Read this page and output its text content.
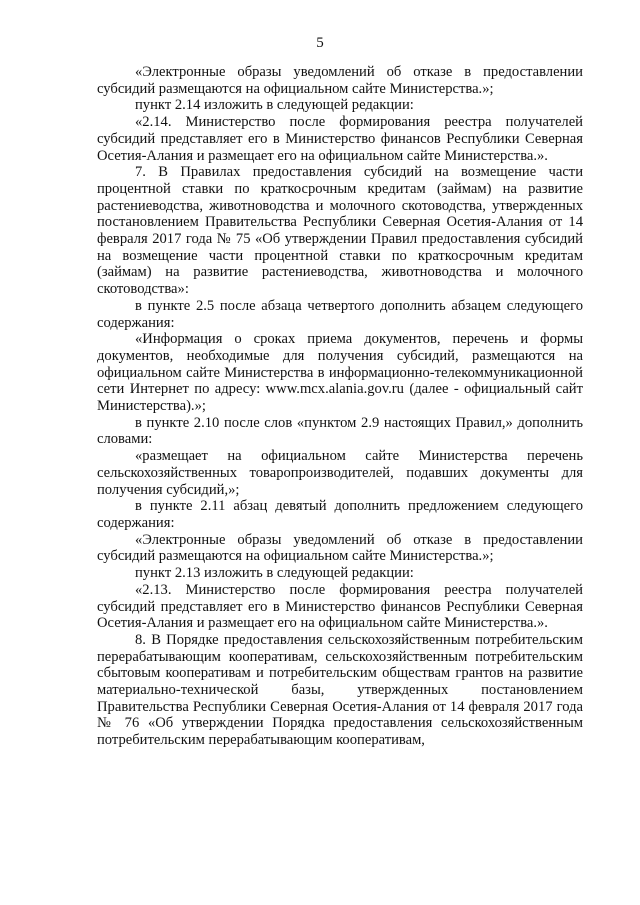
5

«Электронные образы уведомлений об отказе в предоставлении субсидий размещаются на официальном сайте Министерства.»;

пункт 2.14 изложить в следующей редакции:

«2.14. Министерство после формирования реестра получателей субсидий представляет его в Министерство финансов Республики Северная Осетия-Алания и размещает его на официальном сайте Министерства.».

7. В Правилах предоставления субсидий на возмещение части процентной ставки по краткосрочным кредитам (займам) на развитие растениеводства, животноводства и молочного скотоводства, утвержденных постановлением Правительства Республики Северная Осетия-Алания от 14 февраля 2017 года № 75 «Об утверждении Правил предоставления субсидий на возмещение части процентной ставки по краткосрочным кредитам (займам) на развитие растениеводства, животноводства и молочного скотоводства»:

в пункте 2.5 после абзаца четвертого дополнить абзацем следующего содержания:

«Информация о сроках приема документов, перечень и формы документов, необходимые для получения субсидий, размещаются на официальном сайте Министерства в информационно-телекоммуникационной сети Интернет по адресу: www.mcx.alania.gov.ru (далее - официальный сайт Министерства).»;

в пункте 2.10 после слов «пунктом 2.9 настоящих Правил,» дополнить словами:

«размещает на официальном сайте Министерства перечень сельскохозяйственных товаропроизводителей, подавших документы для получения субсидий,»;

в пункте 2.11 абзац девятый дополнить предложением следующего содержания:

«Электронные образы уведомлений об отказе в предоставлении субсидий размещаются на официальном сайте Министерства.»;

пункт 2.13 изложить в следующей редакции:

«2.13. Министерство после формирования реестра получателей субсидий представляет его в Министерство финансов Республики Северная Осетия-Алания и размещает его на официальном сайте Министерства.».

8. В Порядке предоставления сельскохозяйственным потребительским перерабатывающим кооперативам, сельскохозяйственным потребительским сбытовым кооперативам и потребительским обществам грантов на развитие материально-технической базы, утвержденных постановлением Правительства Республики Северная Осетия-Алания от 14 февраля 2017 года № 76 «Об утверждении Порядка предоставления сельскохозяйственным потребительским перерабатывающим кооперативам,
